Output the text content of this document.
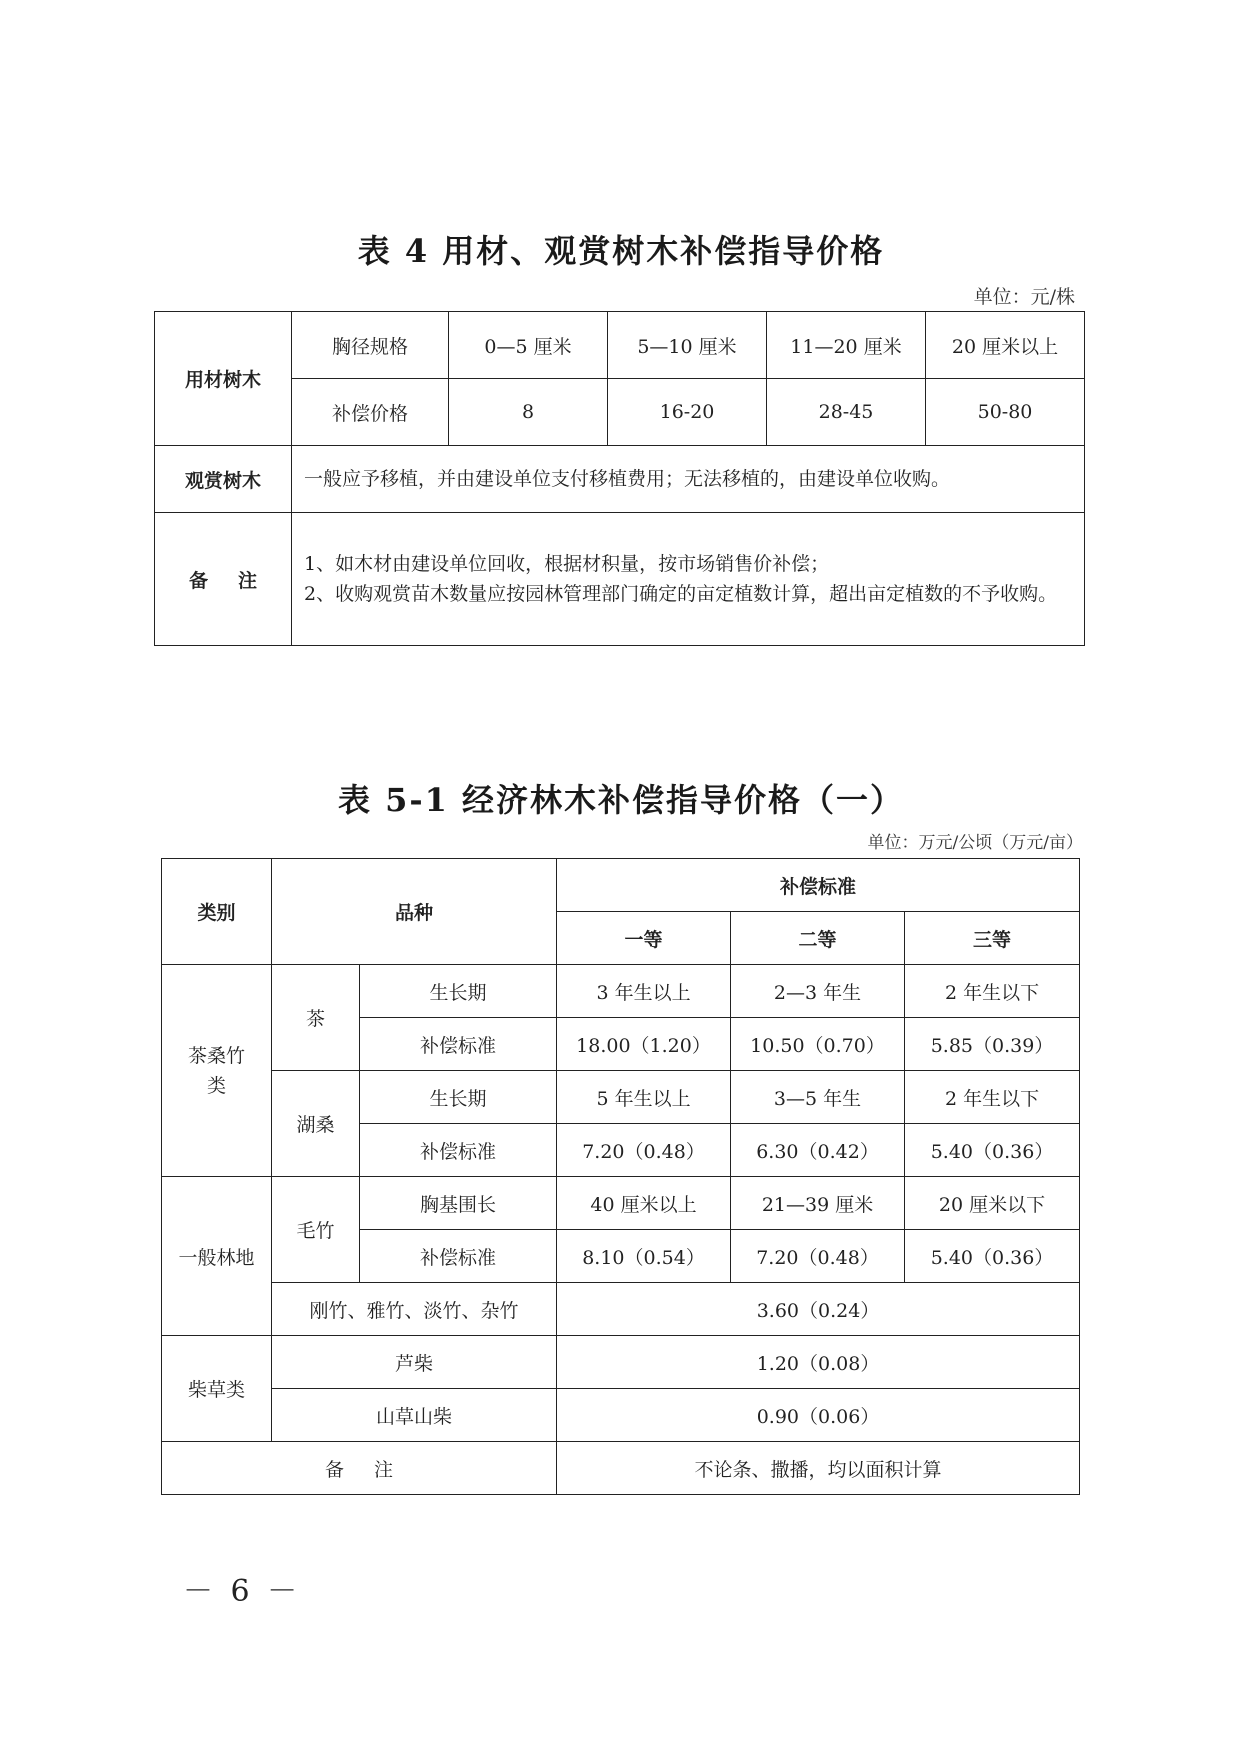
表 4 用材、观赏树木补偿指导价格
单位：元/株
用材树木	胸径规格	0—5 厘米	5—10 厘米	11—20 厘米	20 厘米以上
	补偿价格	8	16-20	28-45	50-80
观赏树木	一般应予移植，并由建设单位支付移植费用；无法移植的，由建设单位收购。				
备注	1、如木材由建设单位回收，根据材积量，按市场销售价补偿；
2、收购观赏苗木数量应按园林管理部门确定的亩定植数计算，超出亩定植数的不予收购。				
表 5-1 经济林木补偿指导价格（一）
单位：万元/公顷（万元/亩）
类别	品种		补偿标准		
			一等	二等	三等
茶桑竹类	茶	生长期	3 年生以上	2—3 年生	2 年生以下
		补偿标准	18.00（1.20）	10.50（0.70）	5.85（0.39）
	湖桑	生长期	5 年生以上	3—5 年生	2 年生以下
		补偿标准	7.20（0.48）	6.30（0.42）	5.40（0.36）
一般林地	毛竹	胸基围长	40 厘米以上	21—39 厘米	20 厘米以下
		补偿标准	8.10（0.54）	7.20（0.48）	5.40（0.36）
	刚竹、雅竹、淡竹、杂竹		3.60（0.24）		
柴草类	芦柴		1.20（0.08）		
	山草山柴		0.90（0.06）		
备注			不论条、撒播，均以面积计算		
－ 6 －
